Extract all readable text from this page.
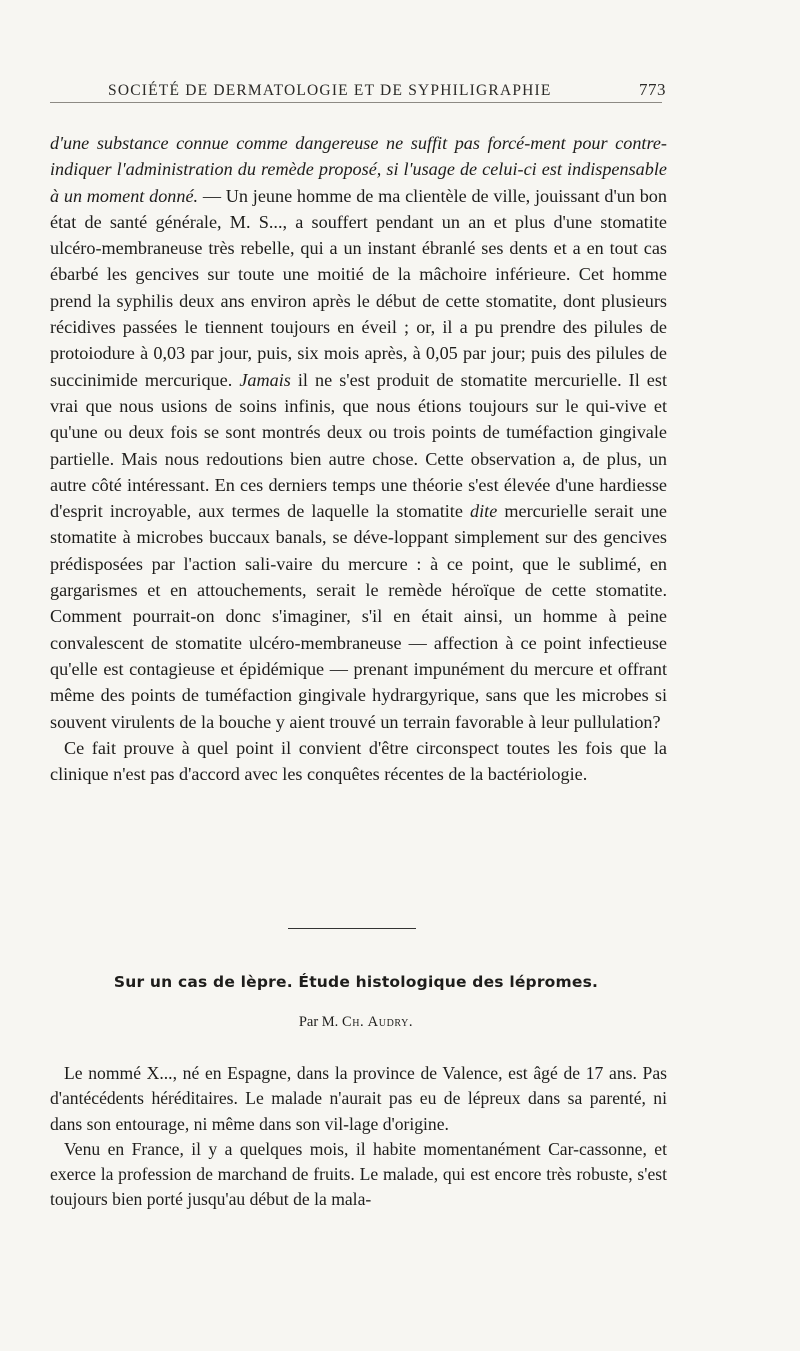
SOCIÉTÉ DE DERMATOLOGIE ET DE SYPHILIGRAPHIE	773

d'une substance connue comme dangereuse ne suffit pas forcé-ment pour contre-indiquer l'administration du remède proposé, si l'usage de celui-ci est indispensable à un moment donné. — Un jeune homme de ma clientèle de ville, jouissant d'un bon état de santé générale, M. S..., a souffert pendant un an et plus d'une stomatite ulcéro-membraneuse très rebelle, qui a un instant ébranlé ses dents et a en tout cas ébarbé les gencives sur toute une moitié de la mâchoire inférieure. Cet homme prend la syphilis deux ans environ après le début de cette stomatite, dont plusieurs récidives passées le tiennent toujours en éveil ; or, il a pu prendre des pilules de protoiodure à 0,03 par jour, puis, six mois après, à 0,05 par jour; puis des pilules de succinimide mercurique. Jamais il ne s'est produit de stomatite mercurielle. Il est vrai que nous usions de soins infinis, que nous étions toujours sur le qui-vive et qu'une ou deux fois se sont montrés deux ou trois points de tuméfaction gingivale partielle. Mais nous redoutions bien autre chose. Cette observation a, de plus, un autre côté intéressant. En ces derniers temps une théorie s'est élevée d'une hardiesse d'esprit incroyable, aux termes de laquelle la stomatite dite mercurielle serait une stomatite à microbes buccaux banals, se déve-loppant simplement sur des gencives prédisposées par l'action sali-vaire du mercure : à ce point, que le sublimé, en gargarismes et en attouchements, serait le remède héroïque de cette stomatite. Comment pourrait-on donc s'imaginer, s'il en était ainsi, un homme à peine convalescent de stomatite ulcéro-membraneuse — affection à ce point infectieuse qu'elle est contagieuse et épidémique — prenant impunément du mercure et offrant même des points de tuméfaction gingivale hydrargyrique, sans que les microbes si souvent virulents de la bouche y aient trouvé un terrain favorable à leur pullulation?

Ce fait prouve à quel point il convient d'être circonspect toutes les fois que la clinique n'est pas d'accord avec les conquêtes récentes de la bactériologie.

Sur un cas de lèpre. Étude histologique des lépromes.
Par M. Ch. Audry.

Le nommé X..., né en Espagne, dans la province de Valence, est âgé de 17 ans. Pas d'antécédents héréditaires. Le malade n'aurait pas eu de lépreux dans sa parenté, ni dans son entourage, ni même dans son vil-lage d'origine.

Venu en France, il y a quelques mois, il habite momentanément Car-cassonne, et exerce la profession de marchand de fruits. Le malade, qui est encore très robuste, s'est toujours bien porté jusqu'au début de la mala-
